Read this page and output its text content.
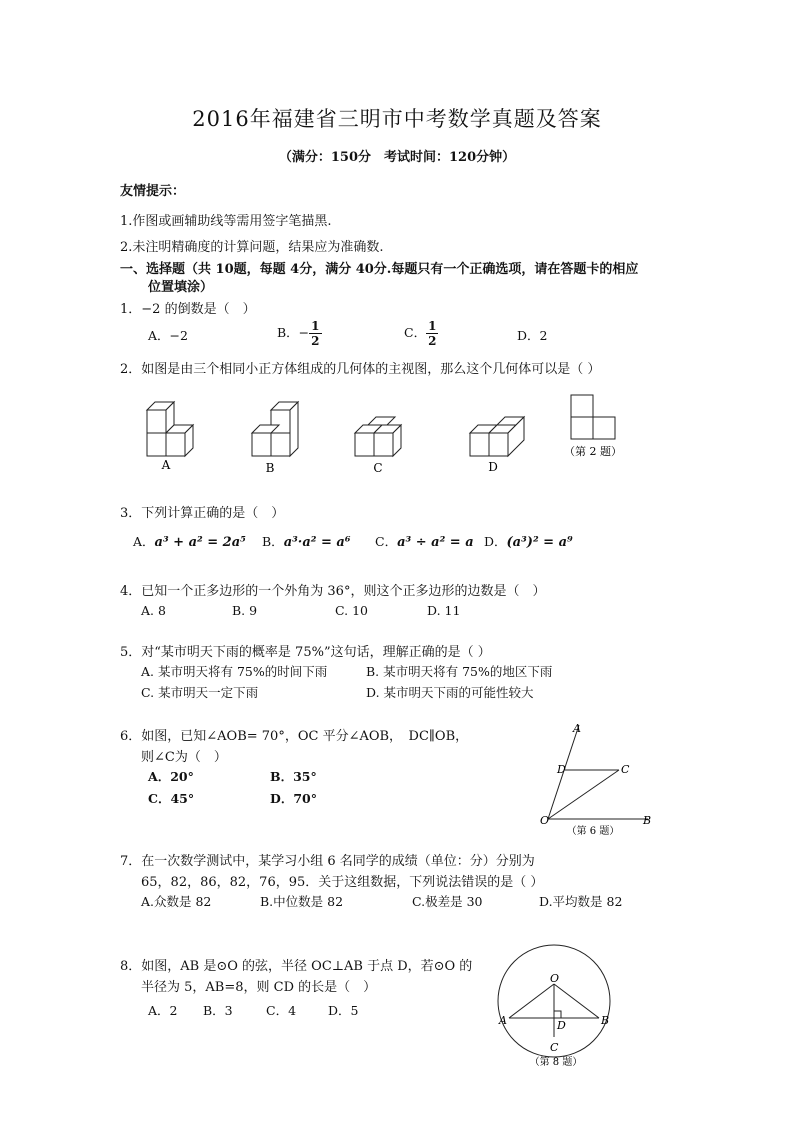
2016年福建省三明市中考数学真题及答案
（满分：150分　考试时间：120分钟）
友情提示：
1.作图或画辅助线等需用签字笔描黑.
2.未注明精确度的计算问题，结果应为准确数.
一、选择题（共 10题，每题 4分，满分 40分.每题只有一个正确选项，请在答题卡的相应
位置填涂）
1．−2 的倒数是（　）
A．−2	B．− $\frac{1}{2}$	C． $\frac{1}{2}$	D．2
2．如图是由三个相同小正方体组成的几何体的主视图，那么这个几何体可以是（ ）
A	B	C	D
（第 2 题）
3．下列计算正确的是（　）
A．a³ + a² = 2a⁵ B．a³·a² = a⁶ C．a³ ÷ a² = a D．(a³)² = a⁹
4．已知一个正多边形的一个外角为 36°，则这个正多边形的边数是（　）
A. 8	B. 9	C. 10	D. 11
5．对“某市明天下雨的概率是 75%”这句话，理解正确的是（ ）
A. 某市明天将有 75%的时间下雨	B. 某市明天将有 75%的地区下雨
C. 某市明天一定下雨	D. 某市明天下雨的可能性较大
6．如图，已知∠AOB= 70°，OC 平分∠AOB，　DC∥OB，
则∠C为（　）
A．20°	B．35°
C．45°	D．70°
A
D	C
O	B
（第 6 题）
7．在一次数学测试中，某学习小组 6 名同学的成绩（单位：分）分别为
65，82，86，82，76，95．关于这组数据，下列说法错误的是（ ）
A.众数是 82	B.中位数是 82	C.极差是 30	D.平均数是 82
8．如图，AB 是⊙O 的弦，半径 OC⊥AB 于点 D，若⊙O 的
半径为 5，AB=8，则 CD 的长是（　）
A．2 B．3	C．4	D．5
O
A	B
D
C
（第 8 题）
